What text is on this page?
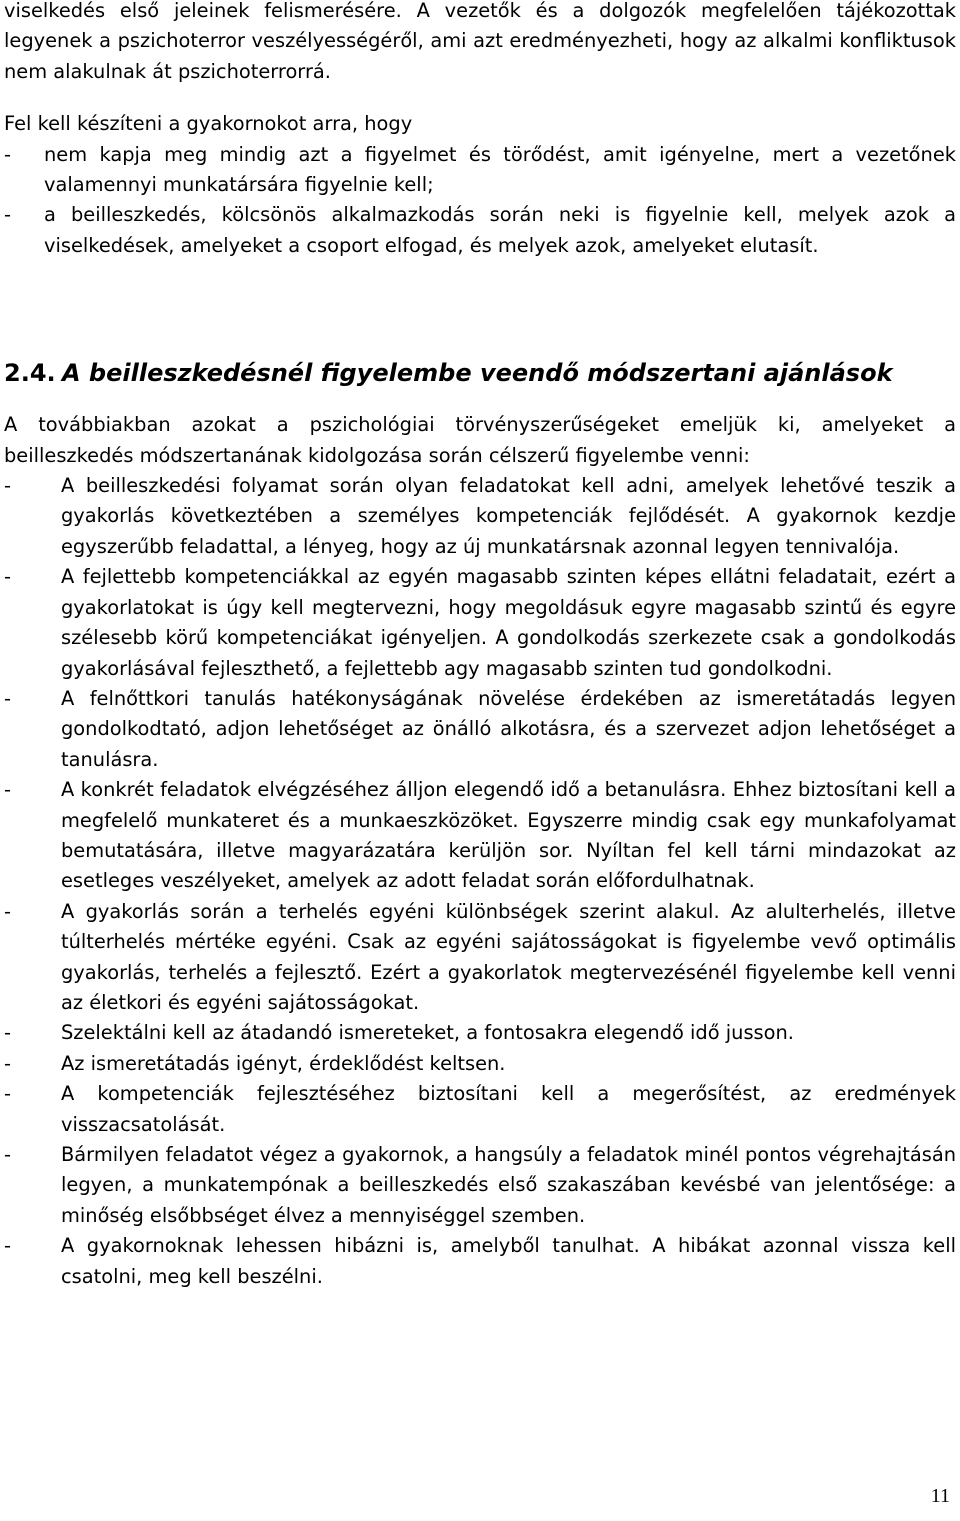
viselkedés első jeleinek felismerésére. A vezetők és a dolgozók megfelelően tájékozottak legyenek a pszichoterror veszélyességéről, ami azt eredményezheti, hogy az alkalmi konfliktusok nem alakulnak át pszichoterrorrá.

Fel kell készíteni a gyakornokot arra, hogy

- nem kapja meg mindig azt a figyelmet és törődést, amit igényelne, mert a vezetőnek valamennyi munkatársára figyelnie kell;
- a beilleszkedés, kölcsönös alkalmazkodás során neki is figyelnie kell, melyek azok a viselkedések, amelyeket a csoport elfogad, és melyek azok, amelyeket elutasít.
2.4. A beilleszkedésnél figyelembe veendő módszertani ajánlások

A továbbiakban azokat a pszichológiai törvényszerűségeket emeljük ki, amelyeket a beilleszkedés módszertanának kidolgozása során célszerű figyelembe venni:

-	A beilleszkedési folyamat során olyan feladatokat kell adni, amelyek lehetővé teszik a gyakorlás következtében a személyes kompetenciák fejlődését. A gyakornok kezdje egyszerűbb feladattal, a lényeg, hogy az új munkatársnak azonnal legyen tennivalója.
-	A fejlettebb kompetenciákkal az egyén magasabb szinten képes ellátni feladatait, ezért a gyakorlatokat is úgy kell megtervezni, hogy megoldásuk egyre magasabb szintű és egyre szélesebb körű kompetenciákat igényeljen. A gondolkodás szerkezete csak a gondolkodás gyakorlásával fejleszthető, a fejlettebb agy magasabb szinten tud gondolkodni.
-	A felnőttkori tanulás hatékonyságának növelése érdekében az ismeretátadás legyen gondolkodtató, adjon lehetőséget az önálló alkotásra, és a szervezet adjon lehetőséget a tanulásra.
-	A konkrét feladatok elvégzéséhez álljon elegendő idő a betanulásra. Ehhez biztosítani kell a megfelelő munkateret és a munkaeszközöket. Egyszerre mindig csak egy munkafolyamat bemutatására, illetve magyarázatára kerüljön sor. Nyíltan fel kell tárni mindazokat az esetleges veszélyeket, amelyek az adott feladat során előfordulhatnak.
-	A gyakorlás során a terhelés egyéni különbségek szerint alakul. Az alulterhelés, illetve túlterhelés mértéke egyéni. Csak az egyéni sajátosságokat is figyelembe vevő optimális gyakorlás, terhelés a fejlesztő. Ezért a gyakorlatok megtervezésénél figyelembe kell venni az életkori és egyéni sajátosságokat.
-	Szelektálni kell az átadandó ismereteket, a fontosakra elegendő idő jusson.
-	Az ismeretátadás igényt, érdeklődést keltsen.
-	A kompetenciák fejlesztéséhez biztosítani kell a megerősítést, az eredmények visszacsatolását.
-	Bármilyen feladatot végez a gyakornok, a hangsúly a feladatok minél pontos végrehajtásán legyen, a munkatempónak a beilleszkedés első szakaszában kevésbé van jelentősége: a minőség elsőbbséget élvez a mennyiséggel szemben.
-	A gyakornoknak lehessen hibázni is, amelyből tanulhat. A hibákat azonnal vissza kell csatolni, meg kell beszélni.
11
